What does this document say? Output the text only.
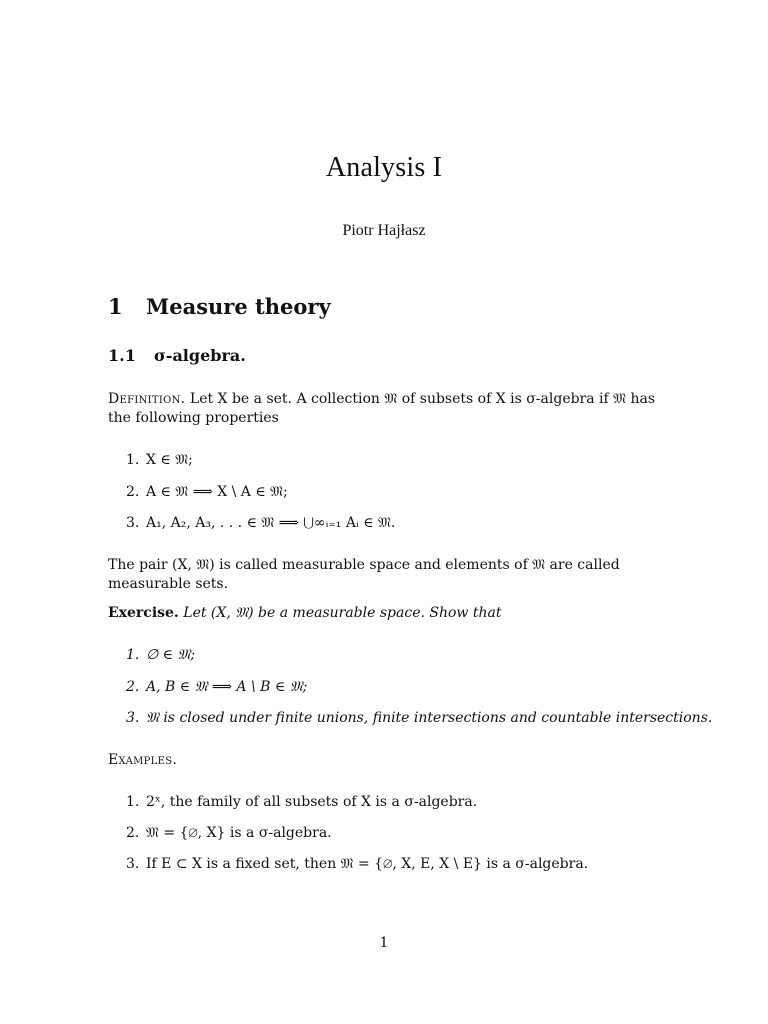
Analysis I
Piotr Hajłasz
1 Measure theory
1.1 σ-algebra.
Definition. Let X be a set. A collection 𝔐 of subsets of X is σ-algebra if 𝔐 has the following properties
1. X ∈ 𝔐;
2. A ∈ 𝔐 ⟹ X \ A ∈ 𝔐;
3. A₁, A₂, A₃, . . . ∈ 𝔐 ⟹ ⋃∞ᵢ₌₁ Aᵢ ∈ 𝔐.
The pair (X, 𝔐) is called measurable space and elements of 𝔐 are called measurable sets.
Exercise. Let (X, 𝔐) be a measurable space. Show that
1. ∅ ∈ 𝔐;
2. A, B ∈ 𝔐 ⟹ A \ B ∈ 𝔐;
3. 𝔐 is closed under finite unions, finite intersections and countable intersections.
Examples.
1. 2ˣ, the family of all subsets of X is a σ-algebra.
2. 𝔐 = {∅, X} is a σ-algebra.
3. If E ⊂ X is a fixed set, then 𝔐 = {∅, X, E, X \ E} is a σ-algebra.
1
